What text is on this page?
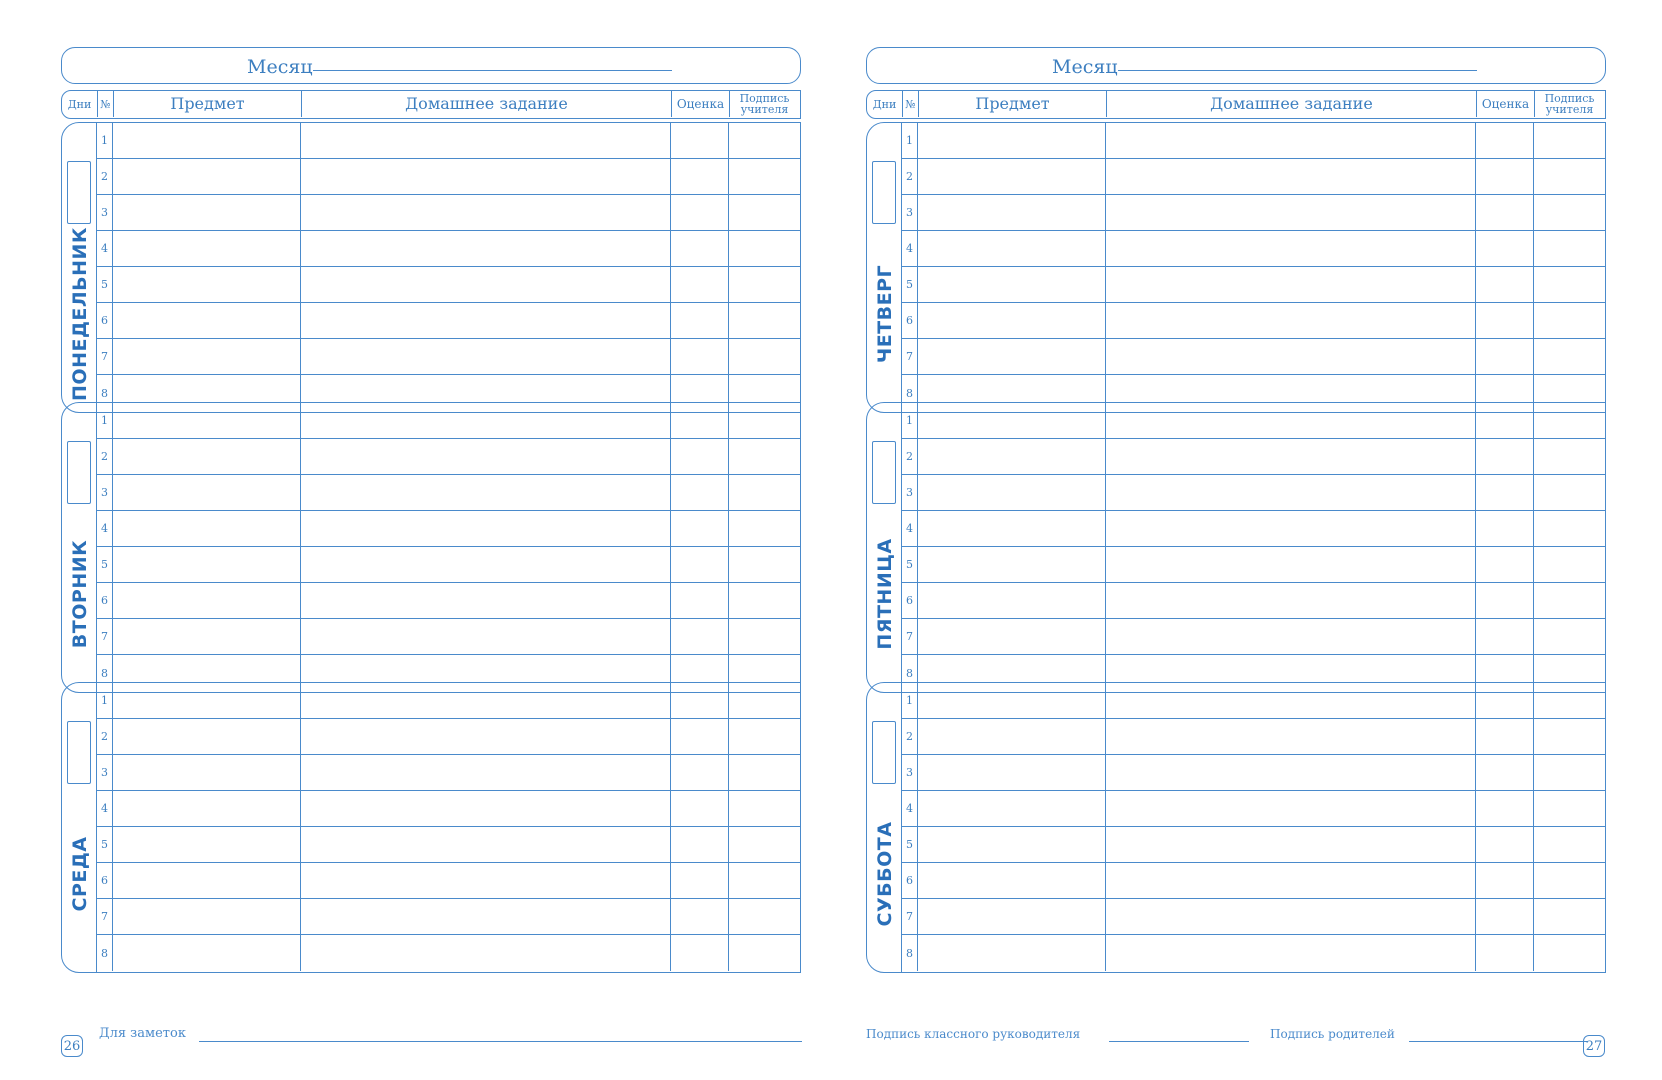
Месяц
Дни №	Предмет	Домашнее задание	Оценка	Подпись
учителя
ПОНЕДЕЛЬНИК
1
2
3
4
5
6
7
8
ВТОРНИК
1
2
3
4
5
6
7
8
СРЕДА
1
2
3
4
5
6
7
8
Для заметок
26
Месяц
Дни №	Предмет	Домашнее задание	Оценка	Подпись
учителя
ЧЕТВЕРГ
1
2
3
4
5
6
7
8
ПЯТНИЦА
1
2
3
4
5
6
7
8
СУББОТА
1
2
3
4
5
6
7
8
Подпись классного руководителя	Подпись родителей
27
